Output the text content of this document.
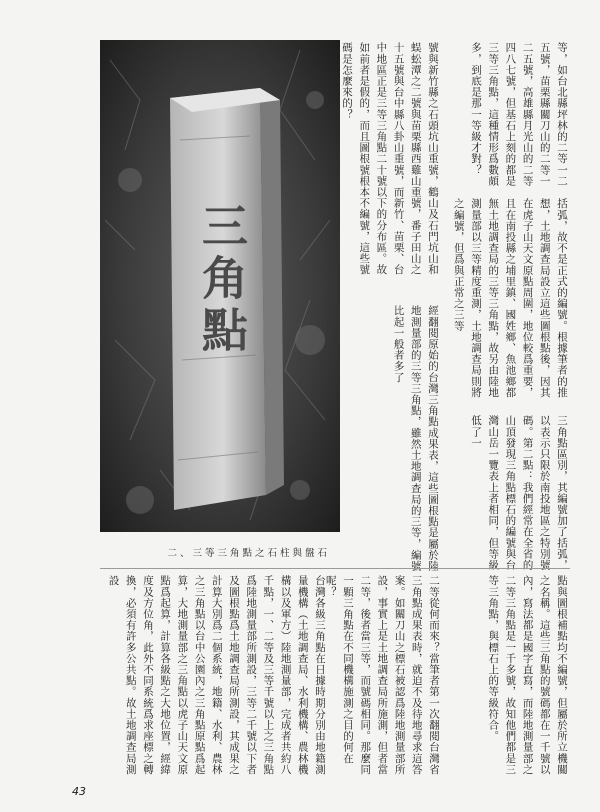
三角點
二、三等三角點之石柱與盤石
號與新竹縣之石頭坑山重號，鶴山及石門坑山和蜈蚣潭之二號與苗栗縣西雞山重號，番子田山之十五號與台中縣八卦山重號，而新竹、苗栗、台中地區正是三等三角點二十號以下的分布區。故如前者是假的，而且圖根號根本不編號，這些號碼是怎麼來的？
經翻閱原始的台灣三角點成果表，這些圖根點是屬於陸地測量部的三等三角點，雖然土地調查局的三等，編號比起一般者多了	括弧，故不是正式的編號。根據筆者的推想，土地調查局設立這些圖根點後，因其在虎子山天文原點周圍，地位較爲重要，且在南投縣之埔里鎮、國姓鄉、魚池鄉都無土地調查局的三等三角點，故另由陸地測量部以三等精度重測，土地調查局則將之編號，但爲與正常之三等
三角點區別，其編號加了括弧，以表示只限於南投地區之特別號碼。第二點：我們經常在全省的山頂發現三角點標石的編號與台灣山岳一覽表上者相同，但等級低了一
等，如台北縣坪林的二等一二五號，苗栗縣關刀山的二等一二五號，高雄縣月光山的二等四八七號，但基石上刻的都是三等三角點，這種情形爲數頗多，到底是那一等級才對？
點與圖根補點均不編號，但屬於所立機關之名稱。這些三角點的號碼都在一千號以內，寫法都是國字直寫，而陸地測量部之二等三角點是一千多號，故知他們都是三等三角點，與標石上的等級符合。
二等從何而來？當筆者第一次翻閱台灣省三角點成果表時，就迫不及待地尋求這答案。如關刀山之標石被認爲陸地測量部所設，事實上是土地調查局所施測，但者當二等，後者當三等，而號碼相同。那麼同一顆三角點在不同機構施測之目的何在呢？
台灣各級三角點在日據時期分別由地籍測量機構（土地調查局、水利機構、農林機構以及軍方）陸地測量部，完成者共約八千點，一、二等及三等千號以上之三角點爲陸地測量部所測設，三等二千號以下者及圖根點爲土地調查局所測設，其成果之計算大別爲二個系統，地籍、水利、農林之三角點以台中公園內之三角點原點爲起算，大地測量部之三角點以虎子山天文原點爲起算，計算各級點之大地位置，經緯度及方位角，此外不同系統爲求座標之轉換，必須有許多公共點。故土地調查局測設
43
